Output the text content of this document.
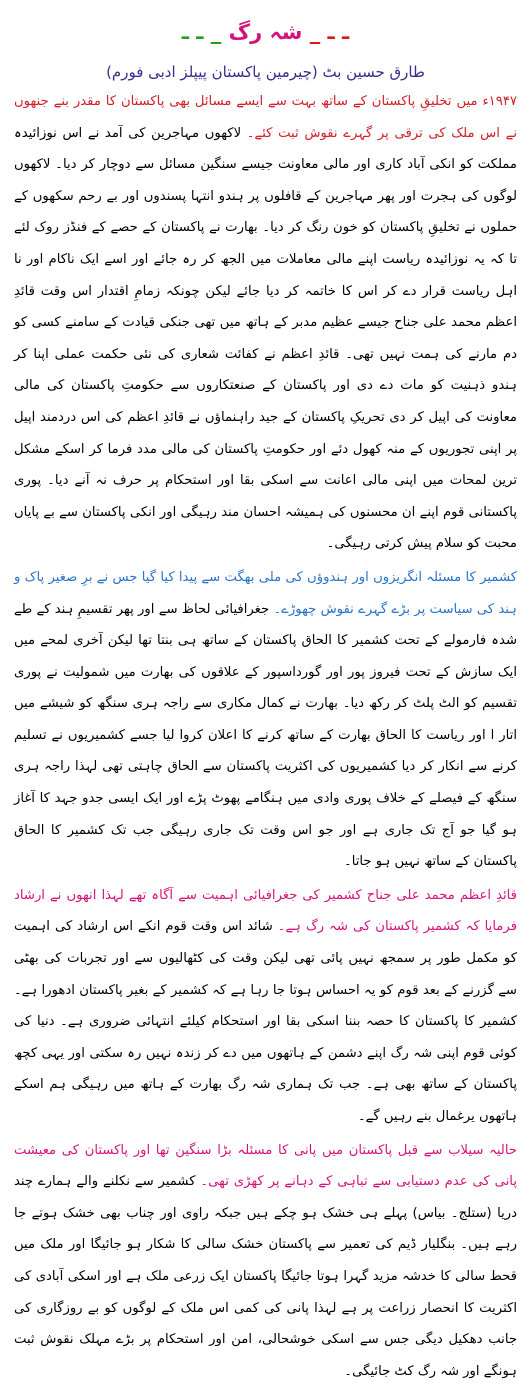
ـ ـ _ شہ رگ _ ـ ـ
طارق حسین بٹ (چیرمین پاکستان پیپلز ادبی فورم)

۱۹۴۷ء میں تخلیقِ پاکستان کے ساتھ بہت سے ایسے مسائل بھی پاکستان کا مقدر بنے جنھوں نے اس ملک کی ترقی پر گہرے نقوش ثبت کئے۔ لاکھوں مہاجرین کی آمد نے اس نوزائیدہ مملکت کو انکی آباد کاری اور مالی معاونت جیسے سنگین مسائل سے دوچار کر دیا۔ لاکھوں لوگوں کی ہجرت اور پھر مہاجرین کے قافلوں پر ہندو انتہا پسندوں اور بے رحم سکھوں کے حملوں نے تخلیقِ پاکستان کو خون رنگ کر دیا۔ بھارت نے پاکستان کے حصے کے فنڈز روک لئے تا کہ یہ نوزائیدہ ریاست اپنے مالی معاملات میں الجھ کر رہ جائے اور اسے ایک ناکام اور نا اہل ریاست قرار دے کر اس کا خاتمہ کر دیا جائے لیکن چونکہ زمامِ اقتدار اس وقت قائدِ اعظم محمد علی جناح جیسے عظیم مدبر کے ہاتھ میں تھی جنکی قیادت کے سامنے کسی کو دم مارنے کی ہمت نہیں تھی۔ قائدِ اعظم نے کفائت شعاری کی نئی حکمت عملی اپنا کر ہندو ذہنیت کو مات دے دی اور پاکستان کے صنعتکاروں سے حکومتِ پاکستان کی مالی معاونت کی اپیل کر دی تحریکِ پاکستان کے جید راہنماؤں نے قائدِ اعظم کی اس دردمند اپیل پر اپنی تجوریوں کے منہ کھول دئے اور حکومتِ پاکستان کی مالی مدد فرما کر اسکے مشکل ترین لمحات میں اپنی مالی اعانت سے اسکی بقا اور استحکام پر حرف نہ آنے دیا۔ پوری پاکستانی قوم اپنے ان محسنوں کی ہمیشہ احسان مند رہیگی اور انکی پاکستان سے بے پایاں محبت کو سلام پیش کرتی رہیگی۔

کشمیر کا مسئلہ انگریزوں اور ہندوؤں کی ملی بھگت سے پیدا کیا گیا جس نے برِ صغیر پاک و ہند کی سیاست پر بڑے گہرے نقوش چھوڑے۔ جغرافیائی لحاظ سے اور پھر تقسیمِ ہند کے طے شدہ فارمولے کے تحت کشمیر کا الحاق پاکستان کے ساتھ ہی بنتا تھا لیکن آخری لمحے میں ایک سازش کے تحت فیروز پور اور گورداسپور کے علاقوں کی بھارت میں شمولیت نے پوری تقسیم کو الٹ پلٹ کر رکھ دیا۔ بھارت نے کمال مکاری سے راجہ ہری سنگھ کو شیشے میں اتار ا اور ریاست کا الحاق بھارت کے ساتھ کرنے کا اعلان کروا لیا جسے کشمیریوں نے تسلیم کرنے سے انکار کر دیا کشمیریوں کی اکثریت پاکستان سے الحاق چاہتی تھی لہذا راجہ ہری سنگھ کے فیصلے کے خلاف پوری وادی میں ہنگامے پھوٹ پڑے اور ایک ایسی جدو جہد کا آغاز ہو گیا جو آج تک جاری ہے اور جو اس وقت تک جاری رہیگی جب تک کشمیر کا الحاق پاکستان کے ساتھ نہیں ہو جاتا۔

قائدِ اعظم محمد علی جناح کشمیر کی جغرافیائی اہمیت سے آگاہ تھے لہذا انھوں نے ارشاد فرمایا کہ کشمیر پاکستان کی شہ رگ ہے۔ شائد اس وقت قوم انکے اس ارشاد کی اہمیت کو مکمل طور پر سمجھ نہیں پائی تھی لیکن وقت کی کٹھالیوں سے اور تجربات کی بھٹی سے گزرنے کے بعد قوم کو یہ احساس ہوتا جا رہا ہے کہ کشمیر کے بغیر پاکستان ادھورا ہے۔ کشمیر کا پاکستان کا حصہ بننا اسکی بقا اور استحکام کیلئے انتہائی ضروری ہے۔ دنیا کی کوئی قوم اپنی شہ رگ اپنے دشمن کے ہاتھوں میں دے کر زندہ نہیں رہ سکتی اور یہی کچھ پاکستان کے ساتھ بھی ہے۔ جب تک ہماری شہ رگ بھارت کے ہاتھ میں رہیگی ہم اسکے ہاتھوں یرغمال بنے رہیں گے۔

حالیہ سیلاب سے قبل پاکستان میں پانی کا مسئلہ بڑا سنگین تھا اور پاکستان کی معیشت پانی کی عدم دستیابی سے تباہی کے دہانے پر کھڑی تھی۔ کشمیر سے نکلنے والے ہمارے چند دریا (ستلج۔ بیاس) پہلے ہی خشک ہو چکے ہیں جبکہ راوی اور چناب بھی خشک ہوتے جا رہے ہیں۔ بنگلیار ڈیم کی تعمیر سے پاکستان خشک سالی کا شکار ہو جائیگا اور ملک میں قحط سالی کا خدشہ مزید گہرا ہوتا جائیگا پاکستان ایک زرعی ملک ہے اور اسکی آبادی کی اکثریت کا انحصار زراعت پر ہے لہذا پانی کی کمی اس ملک کے لوگوں کو بے روزگاری کی جانب دھکیل دیگی جس سے اسکی خوشحالی، امن اور استحکام پر بڑے مہلک نقوش ثبت ہونگے اور شہ رگ کٹ جائیگی۔
